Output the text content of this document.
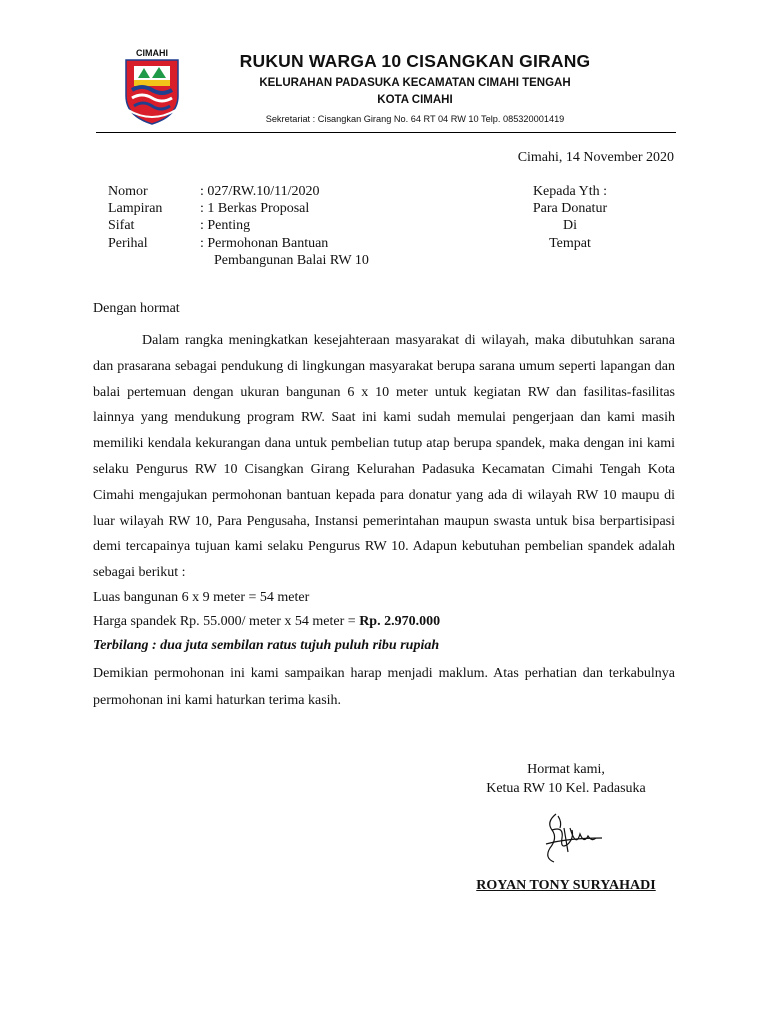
CIMAHI	RUKUN WARGA 10 CISANGKAN GIRANG
KELURAHAN PADASUKA KECAMATAN CIMAHI TENGAH
KOTA CIMAHI
Sekretariat : Cisangkan Girang No. 64 RT 04 RW 10 Telp. 085320001419
Cimahi, 14 November 2020
Nomor	: 027/RW.10/11/2020
Lampiran	: 1 Berkas Proposal
Sifat	: Penting
Perihal	: Permohonan Bantuan
Pembangunan Balai RW 10
Kepada Yth :
Para Donatur
Di
Tempat
Dengan hormat

Dalam rangka meningkatkan kesejahteraan masyarakat di wilayah, maka dibutuhkan sarana dan prasarana sebagai pendukung di lingkungan masyarakat berupa sarana umum seperti lapangan dan balai pertemuan dengan ukuran bangunan 6 x 10 meter untuk kegiatan RW dan fasilitas-fasilitas lainnya yang mendukung program RW. Saat ini kami sudah memulai pengerjaan dan kami masih memiliki kendala kekurangan dana untuk pembelian tutup atap berupa spandek, maka dengan ini kami selaku Pengurus RW 10 Cisangkan Girang Kelurahan Padasuka Kecamatan Cimahi Tengah Kota Cimahi mengajukan permohonan bantuan kepada para donatur yang ada di wilayah RW 10 maupu di luar wilayah RW 10, Para Pengusaha, Instansi pemerintahan maupun swasta untuk bisa berpartisipasi demi tercapainya tujuan kami selaku Pengurus RW 10. Adapun kebutuhan pembelian spandek adalah sebagai berikut :

Luas bangunan 6 x 9 meter = 54 meter

Harga spandek Rp. 55.000/ meter x 54 meter = Rp. 2.970.000

Terbilang : dua juta sembilan ratus tujuh puluh ribu rupiah

Demikian permohonan ini kami sampaikan harap menjadi maklum. Atas perhatian dan terkabulnya permohonan ini kami haturkan terima kasih.

Hormat kami,
Ketua RW 10 Kel. Padasuka
ROYAN TONY SURYAHADI
